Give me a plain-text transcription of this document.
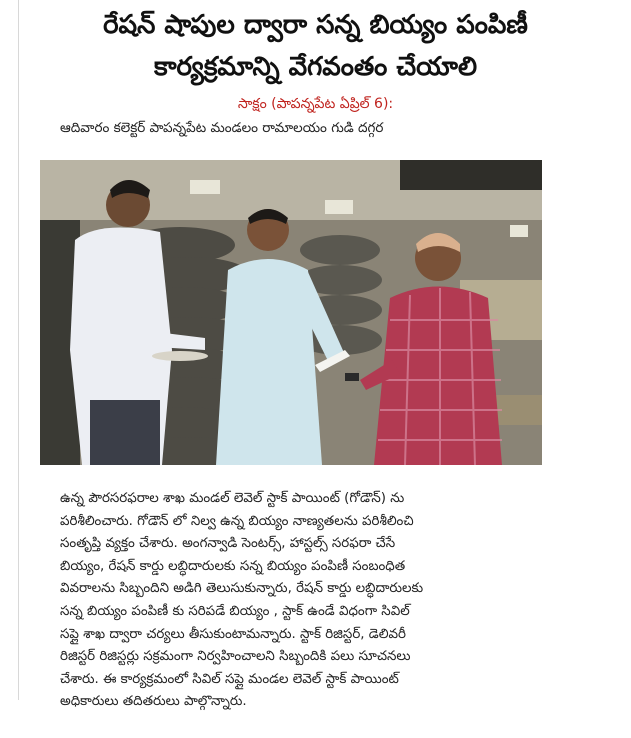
రేషన్ షాపుల ద్వారా సన్న బియ్యం పంపిణీ
కార్యక్రమాన్ని వేగవంతం చేయాలి
సాక్షం (పాపన్నపేట ఏప్రిల్ 6):
ఆదివారం కలెక్టర్ పాపన్నపేట మండలం రామాలయం గుడి దగ్గర
ఉన్న పౌరసరఫరాల శాఖ మండల్ లెవెల్ స్టాక్ పాయింట్ (గోడౌన్) ను
పరిశీలించారు. గోడౌన్ లో నిల్వ ఉన్న బియ్యం నాణ్యతలను పరిశీలించి
సంతృప్తి వ్యక్తం చేశారు. అంగన్వాడి సెంటర్స్, హాస్టల్స్ సరఫరా చేసే
బియ్యం, రేషన్ కార్డు లబ్ధిదారులకు సన్న బియ్యం పంపిణీ సంబంధిత
వివరాలను సిబ్బందిని అడిగి తెలుసుకున్నారు, రేషన్ కార్డు లబ్ధిదారులకు
సన్న బియ్యం పంపిణీ కు సరిపడే బియ్యం , స్టాక్ ఉండే విధంగా సివిల్
సప్లై శాఖ ద్వారా చర్యలు తీసుకుంటామన్నారు. స్టాక్ రిజిస్టర్, డెలివరీ
రిజిస్టర్ రిజిస్టర్లు సక్రమంగా నిర్వహించాలని సిబ్బందికి పలు సూచనలు
చేశారు. ఈ కార్యక్రమంలో సివిల్ సప్లై మండల లెవెల్ స్టాక్ పాయింట్
అధికారులు తదితరులు పాల్గొన్నారు.
